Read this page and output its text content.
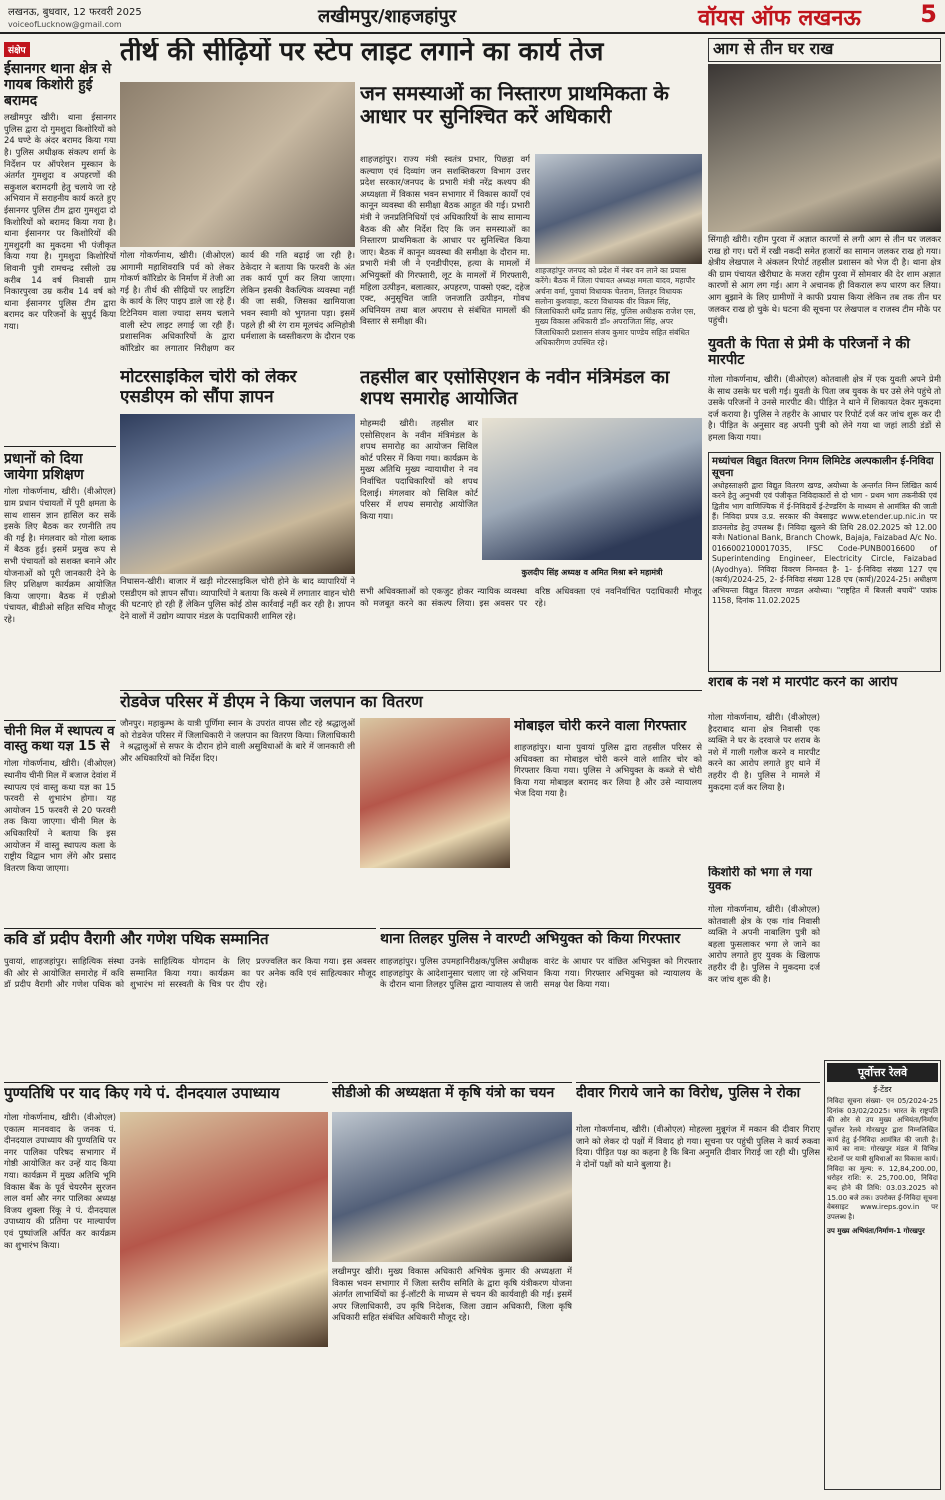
लखनऊ, बुधवार, 12 फरवरी 2025
voiceofLucknow@gmail.com	लखीमपुर/शाहजहांपुर	वॉयस ऑफ लखनऊ 5
संक्षेप
ईसानगर थाना क्षेत्र से गायब किशोरी हुई बरामद
लखीमपुर खीरी। थाना ईसानगर पुलिस द्वारा दो गुमशुदा किशोरियों को 24 घण्टे के अंदर बरामद किया गया है। पुलिस अधीक्षक संकल्प शर्मा के निर्देशन पर ऑपरेशन मुस्कान के अंतर्गत गुमशुदा व अपहरणों की सकुशल बरामदगी हेतु चलाये जा रहे अभियान में सराहनीय कार्य करते हुए ईसानगर पुलिस टीम द्वारा गुमशुदा दो किशोरियों को बरामद किया गया है। थाना ईसानगर पर किशोरियों की गुमशुदगी का मुकदमा भी पंजीकृत किया गया है। गुमशुदा किशोरियों शिवानी पुत्री रामचन्द्र रसीलो उम्र करीब 14 वर्ष निवासी ग्राम निकारपुरवा उम्र करीब 14 वर्ष को थाना ईसानगर पुलिस टीम द्वारा बरामद कर परिजनों के सुपुर्द किया गया।
प्रधानों को दिया जायेगा प्रशिक्षण
गोला गोकर्णनाथ, खीरी। (वीओएल) ग्राम प्रधान पंचायतों में पूरी क्षमता के साथ शासन ज्ञान हासिल कर सकें इसके लिए बैठक कर रणनीति तय की गई है। मंगलवार को गोला ब्लाक में बैठक हुई। इसमें प्रमुख रूप से सभी पंचायतों को सशक्त बनाने और योजनाओं को पूरी जानकारी देने के लिए प्रशिक्षण कार्यक्रम आयोजित किया जाएगा। बैठक में एडीओ पंचायत, बीडीओ सहित सचिव मौजूद रहे।
चीनी मिल में स्थापत्य व वास्तु कथा यज्ञ 15 से
गोला गोकर्णनाथ, खीरी। (वीओएल) स्थानीय चीनी मिल में बजाज देवांश में स्थापत्य एवं वास्तु कथा यज्ञ का 15 फरवरी से शुभारंभ होगा। यह आयोजन 15 फरवरी से 20 फरवरी तक किया जाएगा। चीनी मिल के अधिकारियों ने बताया कि इस आयोजन में वास्तु स्थापत्य कला के राष्ट्रीय विद्वान भाग लेंगे और प्रसाद वितरण किया जाएगा।
तीर्थ की सीढ़ियों पर स्टेप लाइट लगाने का कार्य तेज
गोला गोकर्णनाथ, खीरी। (वीओएल) आगामी महाशिवरात्रि पर्व को लेकर गोकर्ण कॉरिडोर के निर्माण में तेजी आ गई है। तीर्थ की सीढ़ियों पर लाइटिंग के कार्य के लिए पाइप डाले जा रहे हैं। टिटेनियम वाला ज्यादा समय चलाने वाली स्टेप लाइट लगाई जा रही हैं। प्रशासनिक अधिकारियों के द्वारा कॉरिडोर का लगातार निरीक्षण कर कार्य की गति बढ़ाई जा रही है। ठेकेदार ने बताया कि फरवरी के अंत तक कार्य पूर्ण कर लिया जाएगा। लेकिन इसकी वैकल्पिक व्यवस्था नहीं की जा सकी, जिसका खामियाजा भवन स्वामी को भुगतना पड़ा। इसमें पहले ही श्री रंग राम मूलचंद अग्निहोत्री धर्मशाला के ध्वस्तीकरण के दौरान एक
जन समस्याओं का निस्तारण प्राथमिकता के आधार पर सुनिश्चित करें अधिकारी
शाहजहांपुर। राज्य मंत्री स्वतंत्र प्रभार, पिछड़ा वर्ग कल्याण एवं दिव्यांग जन सशक्तिकरण विभाग उत्तर प्रदेश सरकार/जनपद के प्रभारी मंत्री नरेंद्र कश्यप की अध्यक्षता में विकास भवन सभागार में विकास कार्यों एवं कानून व्यवस्था की समीक्षा बैठक आहूत की गई। प्रभारी मंत्री ने जनप्रतिनिधियों एवं अधिकारियों के साथ सामान्य बैठक की और निर्देश दिए कि जन समस्याओं का निस्तारण प्राथमिकता के आधार पर सुनिश्चित किया जाए। बैठक में कानून व्यवस्था की समीक्षा के दौरान मा. प्रभारी मंत्री जी ने एनडीपीएस, हत्या के मामलों में अभियुक्तों की गिरफ्तारी, लूट के मामलों में गिरफ्तारी, महिला उत्पीड़न, बलात्कार, अपहरण, पाक्सो एक्ट, दहेज एक्ट, अनुसूचित जाति जनजाति उत्पीड़न, गोवध अधिनियम तथा बाल अपराध से संबंधित मामलों की विस्तार से समीक्षा की।
शाहजहांपुर जनपद को प्रदेश में नंबर वन लाने का प्रयास करेंगे। बैठक में जिला पंचायत अध्यक्ष ममता यादव, महापौर अर्चना वर्मा, पुवायां विधायक चेतराम, तिलहर विधायक सलोना कुशवाहा, कटरा विधायक वीर विक्रम सिंह, जिलाधिकारी धर्मेंद्र प्रताप सिंह, पुलिस अधीक्षक राजेश एस, मुख्य विकास अधिकारी डॉ० अपराजिता सिंह, अपर जिलाधिकारी प्रशासन संजय कुमार पाण्डेय सहित संबंधित अधिकारीगण उपस्थित रहे।
आग से तीन घर राख
सिंगाही खीरी। रहीम पुरवा में अज्ञात कारणों से लगी आग से तीन घर जलकर राख हो गए। घरों में रखी नकदी समेत हजारों का सामान जलकर राख हो गया। क्षेत्रीय लेखपाल ने अंकलन रिपोर्ट तहसील प्रशासन को भेज दी है। थाना क्षेत्र की ग्राम पंचायत खैरीघाट के मजरा रहीम पुरवा में सोमवार की देर शाम अज्ञात कारणों से आग लग गई। आग ने अचानक ही विकराल रूप धारण कर लिया। आग बुझाने के लिए ग्रामीणों ने काफी प्रयास किया लेकिन तब तक तीन घर जलकर राख हो चुके थे। घटना की सूचना पर लेखपाल व राजस्व टीम मौके पर पहुंची।
युवती के पिता से प्रेमी के परिजनों ने की मारपीट
गोला गोकर्णनाथ, खीरी। (वीओएल) कोतवाली क्षेत्र में एक युवती अपने प्रेमी के साथ उसके घर चली गई। युवती के पिता जब युवक के घर उसे लेने पहुंचे तो उसके परिजनों ने उनसे मारपीट की। पीड़ित ने थाने में शिकायत देकर मुकदमा दर्ज कराया है। पुलिस ने तहरीर के आधार पर रिपोर्ट दर्ज कर जांच शुरू कर दी है। पीड़ित के अनुसार वह अपनी पुत्री को लेने गया था जहां लाठी डंडों से हमला किया गया।
मोटरसाइकिल चोरी को लेकर एसडीएम को सौंपा ज्ञापन
निघासन-खीरी। बाजार में खड़ी मोटरसाइकिल चोरी होने के बाद व्यापारियों ने एसडीएम को ज्ञापन सौंपा। व्यापारियों ने बताया कि कस्बे में लगातार वाहन चोरी की घटनाएं हो रही हैं लेकिन पुलिस कोई ठोस कार्रवाई नहीं कर रही है। ज्ञापन देने वालों में उद्योग व्यापार मंडल के पदाधिकारी शामिल रहे।
तहसील बार एसोसिएशन के नवीन मंत्रिमंडल का शपथ समारोह आयोजित
मोहम्मदी खीरी। तहसील बार एसोसिएशन के नवीन मंत्रिमंडल के शपथ समारोह का आयोजन सिविल कोर्ट परिसर में किया गया। कार्यक्रम के मुख्य अतिथि मुख्य न्यायाधीश ने नव निर्वाचित पदाधिकारियों को शपथ दिलाई। मंगलवार को सिविल कोर्ट परिसर में शपथ समारोह आयोजित किया गया।
कुलदीप सिंह अध्यक्ष व अमित मिश्रा बने महामंत्री
सभी अधिवक्ताओं को एकजुट होकर न्यायिक व्यवस्था को मजबूत करने का संकल्प लिया। इस अवसर पर वरिष्ठ अधिवक्ता एवं नवनिर्वाचित पदाधिकारी मौजूद रहे।
मध्यांचल विद्युत वितरण निगम लिमिटेड अल्पकालीन ई-निविदा सूचना
अधोहस्ताक्षरी द्वारा विद्युत वितरण खण्ड, अयोध्या के अन्तर्गत निम्न लिखित कार्य करने हेतु अनुभवी एवं पंजीकृत निविदाकारों से दो भाग - प्रथम भाग तकनीकी एवं द्वितीय भाग वाणिज्यिक में ई-निविदायें ई-टेण्डरिंग के माध्यम से आमंत्रित की जाती हैं। निविदा प्रपत्र उ.प्र. सरकार की वेबसाइट www.etender.up.nic.in पर डाउनलोड हेतु उपलब्ध हैं। निविदा खुलने की तिथि 28.02.2025 को 12.00 बजे। National Bank, Branch Chowk, Bajaja, Faizabad A/c No. 0166002100017035, IFSC Code-PUNB0016600 of Superintending Engineer, Electricity Circle, Faizabad (Ayodhya). निविदा विवरण निम्नवत है- 1- ई-निविदा संख्या 127 एच (कार्य)/2024-25, 2- ई-निविदा संख्या 128 एच (कार्य)/2024-25। अधीक्षण अभियन्ता विद्युत वितरण मण्डल अयोध्या। "राष्ट्रहित में बिजली बचायें" पत्रांक 1158, दिनांक 11.02.2025
शराब के नशे में मारपीट करने का आरोप
गोला गोकर्णनाथ, खीरी। (वीओएल) हैदराबाद थाना क्षेत्र निवासी एक व्यक्ति ने घर के दरवाजे पर शराब के नशे में गाली गलौज करने व मारपीट करने का आरोप लगाते हुए थाने में तहरीर दी है। पुलिस ने मामले में मुकदमा दर्ज कर लिया है।
किशोरी को भगा ले गया युवक
गोला गोकर्णनाथ, खीरी। (वीओएल) कोतवाली क्षेत्र के एक गांव निवासी व्यक्ति ने अपनी नाबालिग पुत्री को बहला फुसलाकर भगा ले जाने का आरोप लगाते हुए युवक के खिलाफ तहरीर दी है। पुलिस ने मुकदमा दर्ज कर जांच शुरू की है।
रोडवेज परिसर में डीएम ने किया जलपान का वितरण
जौनपुर। महाकुम्भ के यात्री पूर्णिमा स्नान के उपरांत वापस लौट रहे श्रद्धालुओं को रोडवेज परिसर में जिलाधिकारी ने जलपान का वितरण किया। जिलाधिकारी ने श्रद्धालुओं से सफर के दौरान होने वाली असुविधाओं के बारे में जानकारी ली और अधिकारियों को निर्देश दिए।
मोबाइल चोरी करने वाला गिरफ्तार
शाहजहांपुर। थाना पुवायां पुलिस द्वारा तहसील परिसर से अधिवक्ता का मोबाइल चोरी करने वाले शातिर चोर को गिरफ्तार किया गया। पुलिस ने अभियुक्त के कब्जे से चोरी किया गया मोबाइल बरामद कर लिया है और उसे न्यायालय भेज दिया गया है।
कवि डॉ प्रदीप वैरागी और गणेश पथिक सम्मानित
पुवायां, शाहजहांपुर। साहित्यिक संस्था की ओर से आयोजित समारोह में कवि डॉ प्रदीप वैरागी और गणेश पथिक को उनके साहित्यिक योगदान के लिए सम्मानित किया गया। कार्यक्रम का शुभारंभ मां सरस्वती के चित्र पर दीप प्रज्ज्वलित कर किया गया। इस अवसर पर अनेक कवि एवं साहित्यकार मौजूद रहे।
थाना तिलहर पुलिस ने वारण्टी अभियुक्त को किया गिरफ्तार
शाहजहांपुर। पुलिस उपमहानिरीक्षक/पुलिस अधीक्षक शाहजहांपुर के आदेशानुसार चलाए जा रहे अभियान के दौरान थाना तिलहर पुलिस द्वारा न्यायालय से जारी वारंट के आधार पर वांछित अभियुक्त को गिरफ्तार किया गया। गिरफ्तार अभियुक्त को न्यायालय के समक्ष पेश किया गया।
पूर्वोत्तर रेलवे
ई-टेंडर
निविदा सूचना संख्या- एन 05/2024-25 दिनांक 03/02/2025। भारत के राष्ट्रपति की ओर से उप मुख्य अभियंता/निर्माण पूर्वोत्तर रेलवे गोरखपुर द्वारा निम्नलिखित कार्य हेतु ई-निविदा आमंत्रित की जाती है। कार्य का नाम: गोरखपुर मंडल में विभिन्न स्टेशनों पर यात्री सुविधाओं का विकास कार्य। निविदा का मूल्य: रु. 12,84,200.00, धरोहर राशि: रु. 25,700.00, निविदा बन्द होने की तिथि: 03.03.2025 को 15.00 बजे तक। उपरोक्त ई-निविदा सूचना वेबसाइट www.ireps.gov.in पर उपलब्ध है।
उप मुख्य अभियंता/निर्माण-1 गोरखपुर
पुण्यतिथि पर याद किए गये पं. दीनदयाल उपाध्याय
गोला गोकर्णनाथ, खीरी। (वीओएल) एकात्म मानववाद के जनक पं. दीनदयाल उपाध्याय की पुण्यतिथि पर नगर पालिका परिषद सभागार में गोष्ठी आयोजित कर उन्हें याद किया गया। कार्यक्रम में मुख्य अतिथि भूमि विकास बैंक के पूर्व चेयरमैन सुरजन लाल वर्मा और नगर पालिका अध्यक्ष विजय शुक्ला रिंकू ने पं. दीनदयाल उपाध्याय की प्रतिमा पर माल्यार्पण एवं पुष्पांजलि अर्पित कर कार्यक्रम का शुभारंभ किया।
सीडीओ की अध्यक्षता में कृषि यंत्रो का चयन
लखीमपुर खीरी। मुख्य विकास अधिकारी अभिषेक कुमार की अध्यक्षता में विकास भवन सभागार में जिला स्तरीय समिति के द्वारा कृषि यंत्रीकरण योजना अंतर्गत लाभार्थियों का ई-लॉटरी के माध्यम से चयन की कार्यवाही की गई। इसमें अपर जिलाधिकारी, उप कृषि निदेशक, जिला उद्यान अधिकारी, जिला कृषि अधिकारी सहित संबंधित अधिकारी मौजूद रहे।
दीवार गिराये जाने का विरोध, पुलिस ने रोका
गोला गोकर्णनाथ, खीरी। (वीओएल) मोहल्ला मुन्नूगंज में मकान की दीवार गिराए जाने को लेकर दो पक्षों में विवाद हो गया। सूचना पर पहुंची पुलिस ने कार्य रुकवा दिया। पीड़ित पक्ष का कहना है कि बिना अनुमति दीवार गिराई जा रही थी। पुलिस ने दोनों पक्षों को थाने बुलाया है।
